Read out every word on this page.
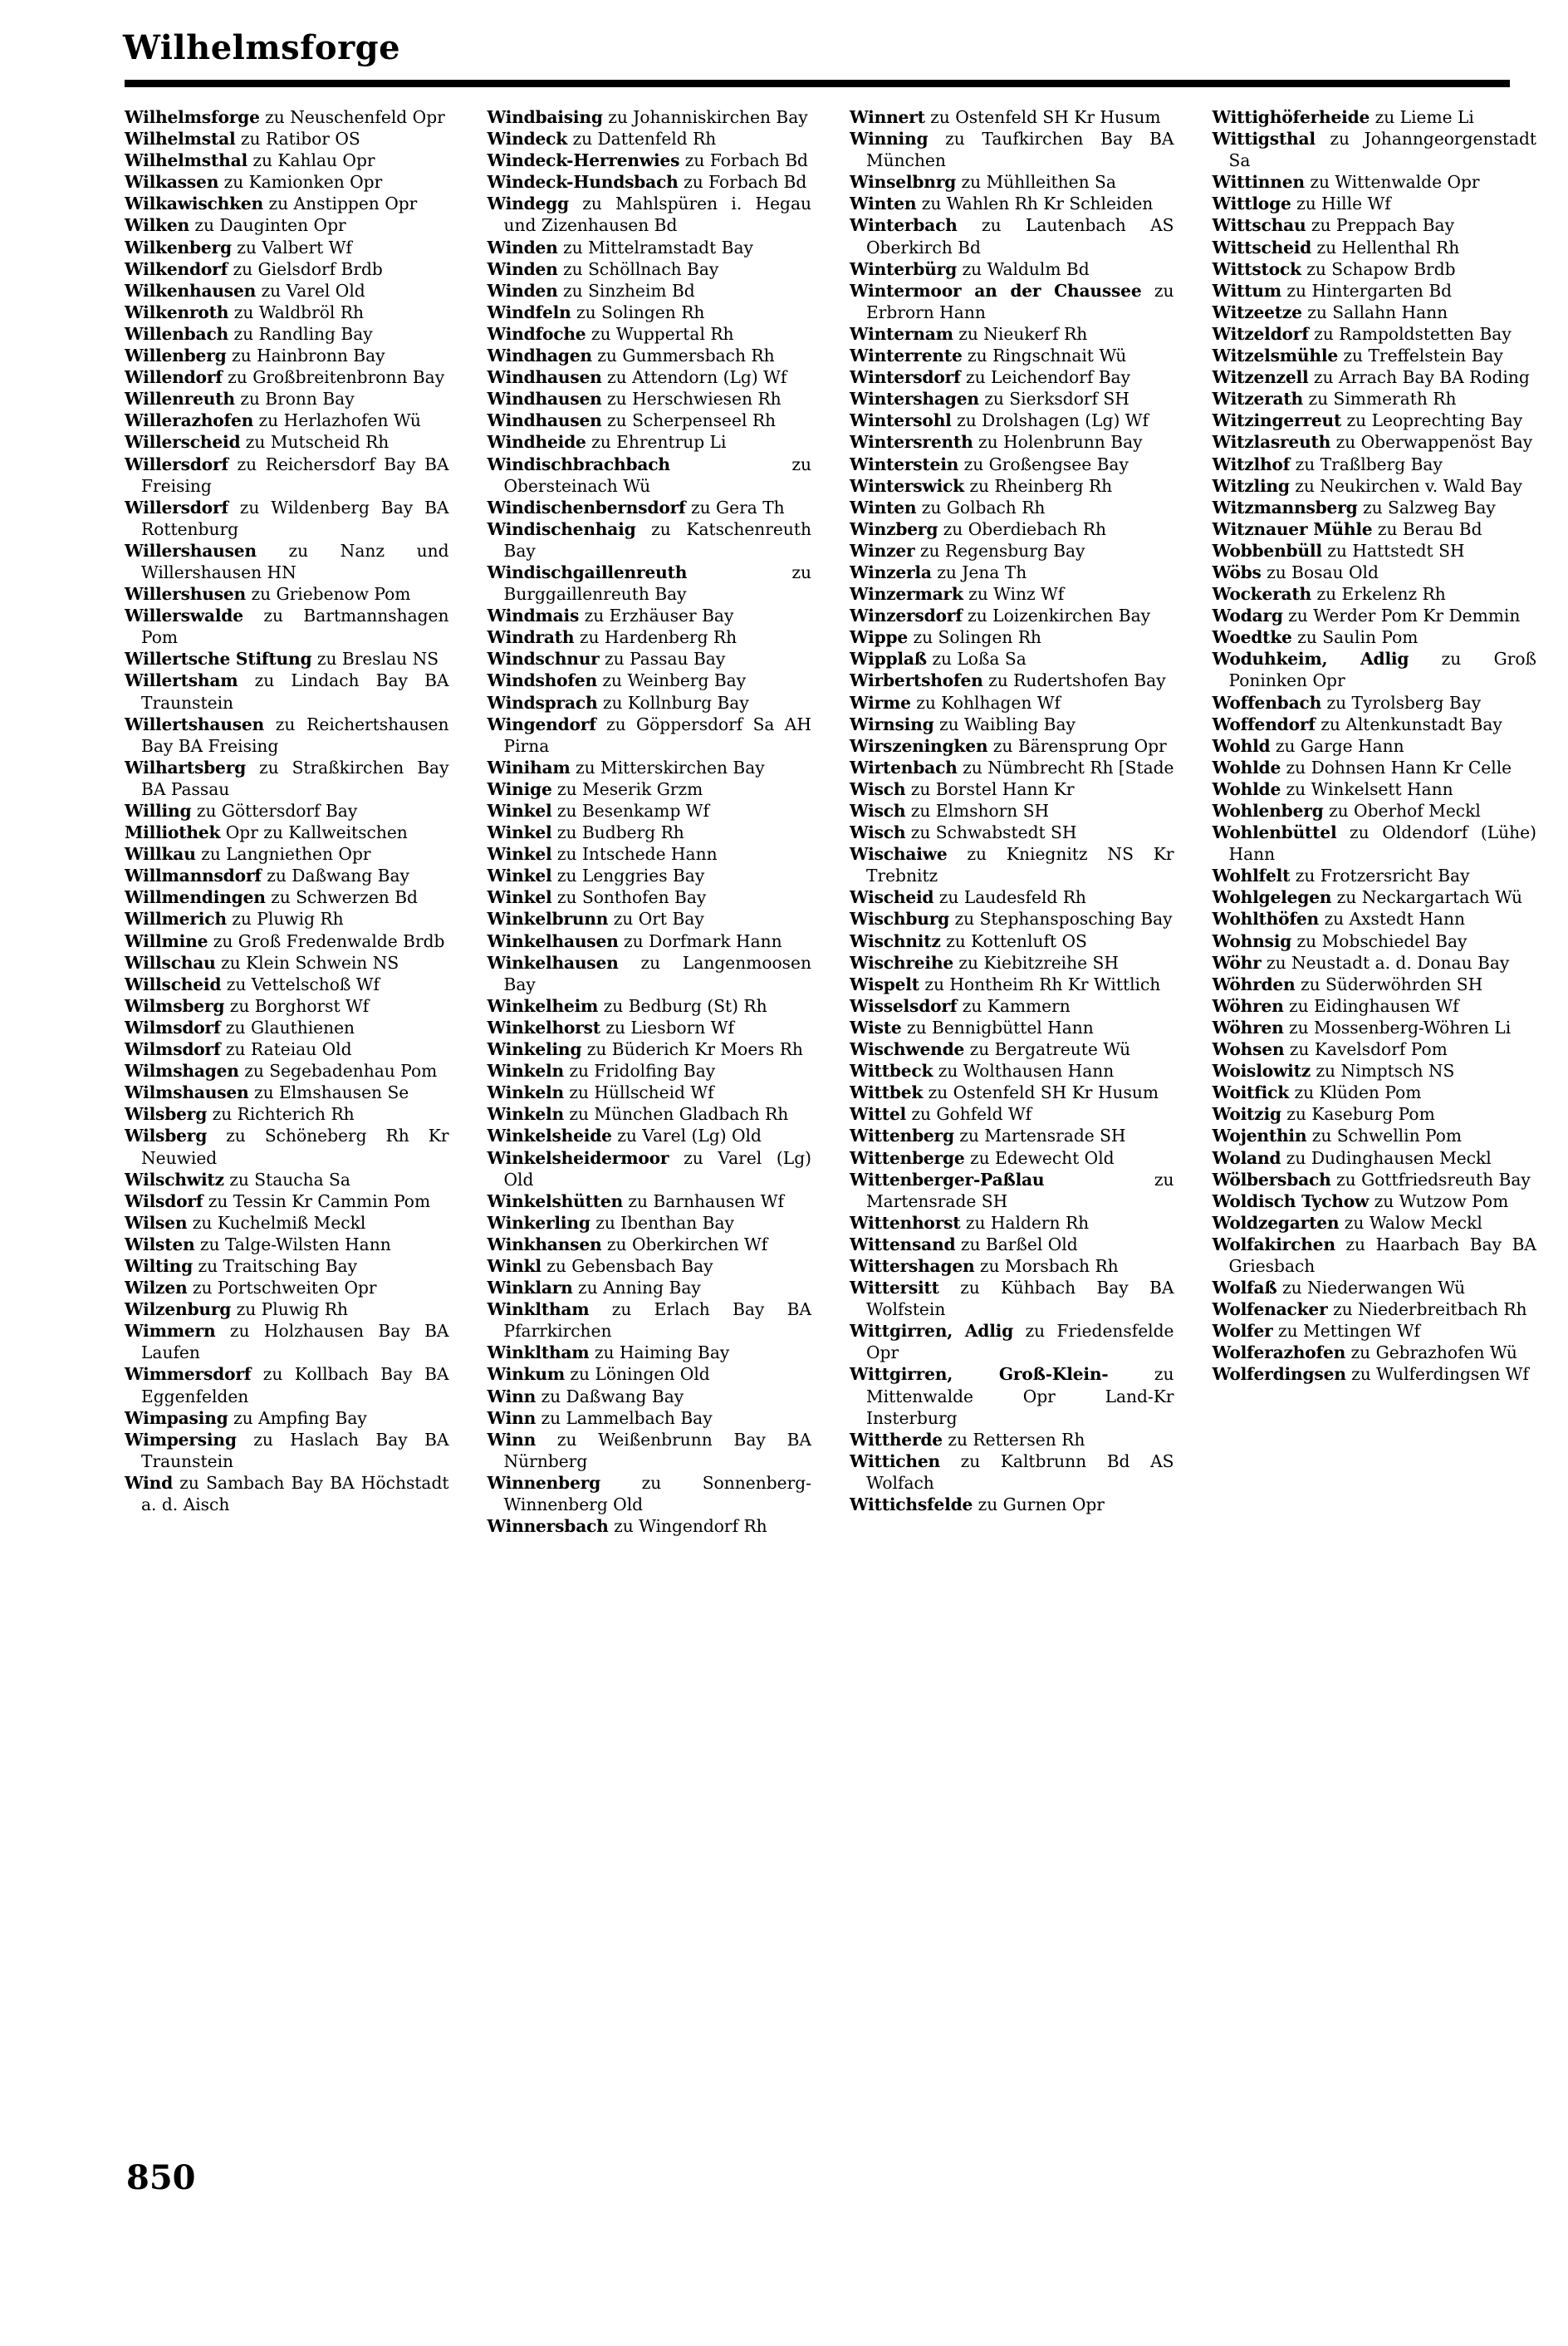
Wilhelmsforge

Wilhelmsforge zu Neuschenfeld Opr

Wilhelmstal zu Ratibor OS

Wilhelmsthal zu Kahlau Opr

Wilkassen zu Kamionken Opr

Wilkawischken zu Anstippen Opr

Wilken zu Dauginten Opr

Wilkenberg zu Valbert Wf

Wilkendorf zu Gielsdorf Brdb

Wilkenhausen zu Varel Old

Wilkenroth zu Waldbröl Rh

Willenbach zu Randling Bay

Willenberg zu Hainbronn Bay

Willendorf zu Großbreitenbronn Bay

Willenreuth zu Bronn Bay

Willerazhofen zu Herlazhofen Wü

Willerscheid zu Mutscheid Rh

Willersdorf zu Reichersdorf Bay BA Freising

Willersdorf zu Wildenberg Bay BA Rottenburg

Willershausen zu Nanz und Willershausen HN

Willershusen zu Griebenow Pom

Willerswalde zu Bartmannshagen Pom

Willertsche Stiftung zu Breslau NS

Willertsham zu Lindach Bay BA Traunstein

Willertshausen zu Reichertshausen Bay BA Freising

Wilhartsberg zu Straßkirchen Bay BA Passau

Willing zu Göttersdorf Bay

Milliothek Opr zu Kallweitschen

Willkau zu Langniethen Opr

Willmannsdorf zu Daßwang Bay

Willmendingen zu Schwerzen Bd

Willmerich zu Pluwig Rh

Willmine zu Groß Fredenwalde Brdb

Willschau zu Klein Schwein NS

Willscheid zu Vettelschoß Wf

Wilmsberg zu Borghorst Wf

Wilmsdorf zu Glauthienen

Wilmsdorf zu Rateiau Old

Wilmshagen zu Segebadenhau Pom

Wilmshausen zu Elmshausen Se

Wilsberg zu Richterich Rh

Wilsberg zu Schöneberg Rh Kr Neuwied

Wilschwitz zu Staucha Sa

Wilsdorf zu Tessin Kr Cammin Pom

Wilsen zu Kuchelmiß Meckl

Wilsten zu Talge-Wilsten Hann

Wilting zu Traitsching Bay

Wilzen zu Portschweiten Opr

Wilzenburg zu Pluwig Rh

Wimmern zu Holzhausen Bay BA Laufen

Wimmersdorf zu Kollbach Bay BA Eggenfelden

Wimpasing zu Ampfing Bay

Wimpersing zu Haslach Bay BA Traunstein

Wind zu Sambach Bay BA Höchstadt a. d. Aisch

Windbaising zu Johanniskirchen Bay

Windeck zu Dattenfeld Rh

Windeck-Herrenwies zu Forbach Bd

Windeck-Hundsbach zu Forbach Bd

Windegg zu Mahlspüren i. Hegau und Zizenhausen Bd

Winden zu Mittelramstadt Bay

Winden zu Schöllnach Bay

Winden zu Sinzheim Bd

Windfeln zu Solingen Rh

Windfoche zu Wuppertal Rh

Windhagen zu Gummersbach Rh

Windhausen zu Attendorn (Lg) Wf

Windhausen zu Herschwiesen Rh

Windhausen zu Scherpenseel Rh

Windheide zu Ehrentrup Li

Windischbrachbach	zu Obersteinach Wü

Windischenbernsdorf zu Gera Th

Windischenhaig zu Katschenreuth Bay

Windischgaillenreuth	zu Burggaillenreuth Bay

Windmais zu Erzhäuser Bay

Windrath zu Hardenberg Rh

Windschnur zu Passau Bay

Windshofen zu Weinberg Bay

Windsprach zu Kollnburg Bay

Wingendorf zu Göppersdorf Sa AH Pirna

Winiham zu Mitterskirchen Bay

Winige zu Meserik Grzm

Winkel zu Besenkamp Wf

Winkel zu Budberg Rh

Winkel zu Intschede Hann

Winkel zu Lenggries Bay

Winkel zu Sonthofen Bay

Winkelbrunn zu Ort Bay

Winkelhausen zu Dorfmark Hann

Winkelhausen zu Langenmoosen Bay

Winkelheim zu Bedburg (St) Rh

Winkelhorst zu Liesborn Wf

Winkeling zu Büderich Kr Moers Rh

Winkeln zu Fridolfing Bay

Winkeln zu Hüllscheid Wf

Winkeln zu München Gladbach Rh

Winkelsheide zu Varel (Lg) Old

Winkelsheidermoor zu Varel (Lg) Old

Winkelshütten zu Barnhausen Wf

Winkerling zu Ibenthan Bay

Winkhansen zu Oberkirchen Wf

Winkl zu Gebensbach Bay

Winklarn zu Anning Bay

Winkltham zu Erlach Bay BA Pfarrkirchen

Winkltham zu Haiming Bay

Winkum zu Löningen Old

Winn zu Daßwang Bay

Winn zu Lammelbach Bay

Winn zu Weißenbrunn Bay BA Nürnberg

Winnenberg zu Sonnenberg-Winnenberg Old

Winnersbach zu Wingendorf Rh

Winnert zu Ostenfeld SH Kr Husum

Winning zu Taufkirchen Bay BA München

Winselbnrg zu Mühlleithen Sa

Winten zu Wahlen Rh Kr Schleiden

Winterbach zu Lautenbach AS Oberkirch Bd

Winterbürg zu Waldulm Bd

Wintermoor an der Chaussee zu Erbrorn Hann

Winternam zu Nieukerf Rh

Winterrente zu Ringschnait Wü

Wintersdorf zu Leichendorf Bay

Wintershagen zu Sierksdorf SH

Wintersohl zu Drolshagen (Lg) Wf

Wintersrenth zu Holenbrunn Bay

Winterstein zu Großengsee Bay

Winterswick zu Rheinberg Rh

Winten zu Golbach Rh

Winzberg zu Oberdiebach Rh

Winzer zu Regensburg Bay

Winzerla zu Jena Th

Winzermark zu Winz Wf

Winzersdorf zu Loizenkirchen Bay

Wippe zu Solingen Rh

Wipplaß zu Loßa Sa

Wirbertshofen zu Rudertshofen Bay

Wirme zu Kohlhagen Wf

Wirnsing zu Waibling Bay

Wirszeningken zu Bärensprung Opr

Wirtenbach zu Nümbrecht Rh [Stade

Wisch zu Borstel Hann Kr

Wisch zu Elmshorn SH

Wisch zu Schwabstedt SH

Wischaiwe zu Kniegnitz NS Kr Trebnitz

Wischeid zu Laudesfeld Rh

Wischburg zu Stephansposching Bay

Wischnitz zu Kottenluft OS

Wischreihe zu Kiebitzreihe SH

Wispelt zu Hontheim Rh Kr Wittlich

Wisselsdorf zu Kammern

Wiste zu Bennigbüttel Hann

Wischwende zu Bergatreute Wü

Wittbeck zu Wolthausen Hann

Wittbek zu Ostenfeld SH Kr Husum

Wittel zu Gohfeld Wf

Wittenberg zu Martensrade SH

Wittenberge zu Edewecht Old

Wittenberger-Paßlau	zu Martensrade SH

Wittenhorst zu Haldern Rh

Wittensand zu Barßel Old

Wittershagen zu Morsbach Rh

Wittersitt zu Kühbach Bay BA Wolfstein

Wittgirren, Adlig zu Friedensfelde Opr

Wittgirren, Groß-Klein-	zu Mittenwalde Opr Land-Kr Insterburg

Wittherde zu Rettersen Rh

Wittichen zu Kaltbrunn Bd AS Wolfach

Wittichsfelde zu Gurnen Opr

Wittighöferheide zu Lieme Li

Wittigsthal zu Johanngeorgenstadt Sa

Wittinnen zu Wittenwalde Opr

Wittloge zu Hille Wf

Wittschau zu Preppach Bay

Wittscheid zu Hellenthal Rh

Wittstock zu Schapow Brdb

Wittum zu Hintergarten Bd

Witzeetze zu Sallahn Hann

Witzeldorf zu Rampoldstetten Bay

Witzelsmühle zu Treffelstein Bay

Witzenzell zu Arrach Bay BA Roding

Witzerath zu Simmerath Rh

Witzingerreut zu Leoprechting Bay

Witzlasreuth zu Oberwappenöst Bay

Witzlhof zu Traßlberg Bay

Witzling zu Neukirchen v. Wald Bay

Witzmannsberg zu Salzweg Bay

Witznauer Mühle zu Berau Bd

Wobbenbüll zu Hattstedt SH

Wöbs zu Bosau Old

Wockerath zu Erkelenz Rh

Wodarg zu Werder Pom Kr Demmin

Woedtke zu Saulin Pom

Woduhkeim, Adlig zu Groß Poninken Opr

Woffenbach zu Tyrolsberg Bay

Woffendorf zu Altenkunstadt Bay

Wohld zu Garge Hann

Wohlde zu Dohnsen Hann Kr Celle

Wohlde zu Winkelsett Hann

Wohlenberg zu Oberhof Meckl

Wohlenbüttel zu Oldendorf (Lühe) Hann

Wohlfelt zu Frotzersricht Bay

Wohlgelegen zu Neckargartach Wü

Wohlthöfen zu Axstedt Hann

Wohnsig zu Mobschiedel Bay

Wöhr zu Neustadt a. d. Donau Bay

Wöhrden zu Süderwöhrden SH

Wöhren zu Eidinghausen Wf

Wöhren zu Mossenberg-Wöhren Li

Wohsen zu Kavelsdorf Pom

Woislowitz zu Nimptsch NS

Woitfick zu Klüden Pom

Woitzig zu Kaseburg Pom

Wojenthin zu Schwellin Pom

Woland zu Dudinghausen Meckl

Wölbersbach zu Gottfriedsreuth Bay

Woldisch Tychow zu Wutzow Pom

Woldzegarten zu Walow Meckl

Wolfakirchen zu Haarbach Bay BA Griesbach

Wolfaß zu Niederwangen Wü

Wolfenacker zu Niederbreitbach Rh

Wolfer zu Mettingen Wf

Wolferazhofen zu Gebrazhofen Wü

Wolferdingsen zu Wulferdingsen Wf

850
